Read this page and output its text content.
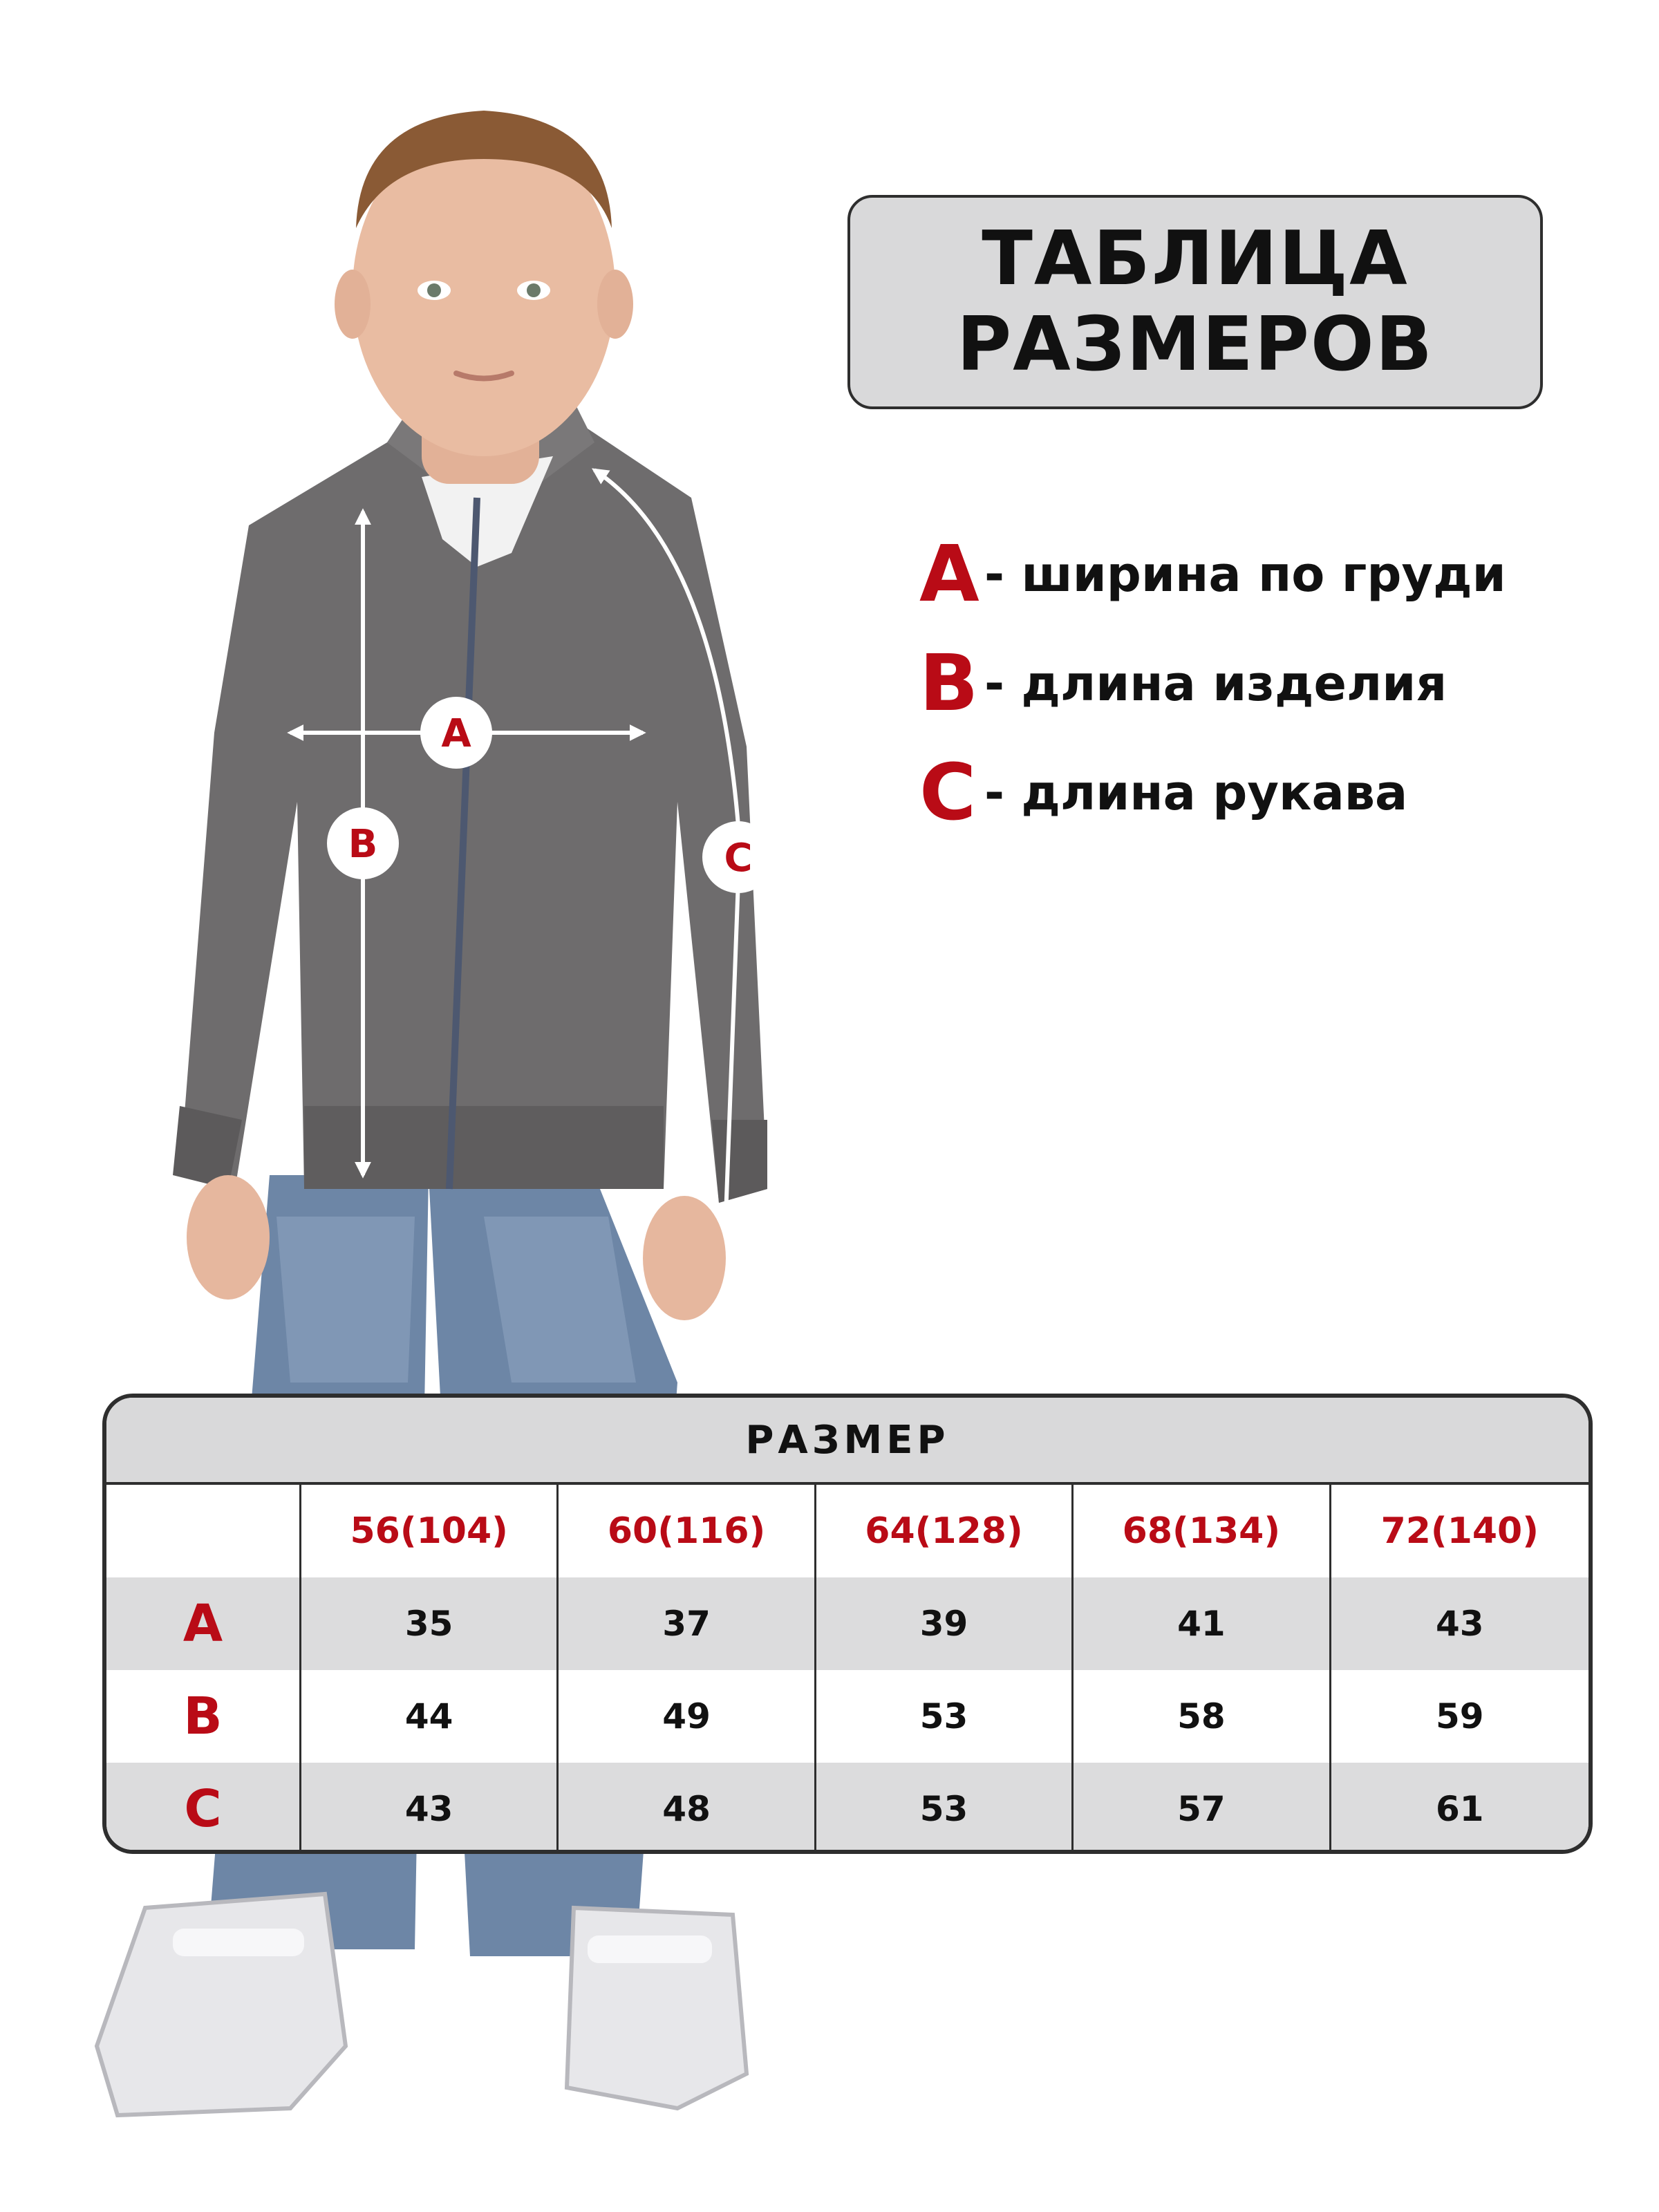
A
B	C
ТАБЛИЦА
РАЗМЕРОВ
A - ширина по груди
B - длина изделия
C - длина рукава
РАЗМЕР
56(104)	60(116)	64(128)	68(134)	72(140)
A	35	37	39	41	43
B	44	49	53	58	59
C	43	48	53	57	61
